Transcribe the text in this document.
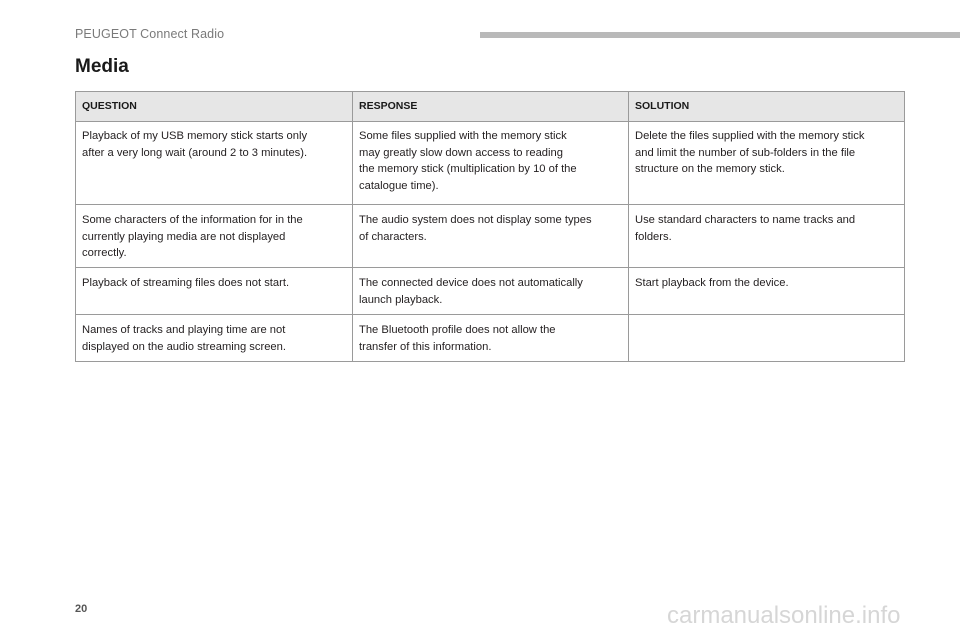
PEUGEOT Connect Radio
Media
QUESTION	RESPONSE	SOLUTION

Playback of my USB memory stick starts only
after a very long wait (around 2 to 3 minutes).	Some files supplied with the memory stick
may greatly slow down access to reading
the memory stick (multiplication by 10 of the
catalogue time).	Delete the files supplied with the memory stick
and limit the number of sub-folders in the file
structure on the memory stick.

Some characters of the information for in the
currently playing media are not displayed
correctly.	The audio system does not display some types
of characters.	Use standard characters to name tracks and
folders.

Playback of streaming files does not start.	The connected device does not automatically
launch playback.	Start playback from the device.

Names of tracks and playing time are not
displayed on the audio streaming screen.	The Bluetooth profile does not allow the
transfer of this information.	

20	carmanualsonline.info
